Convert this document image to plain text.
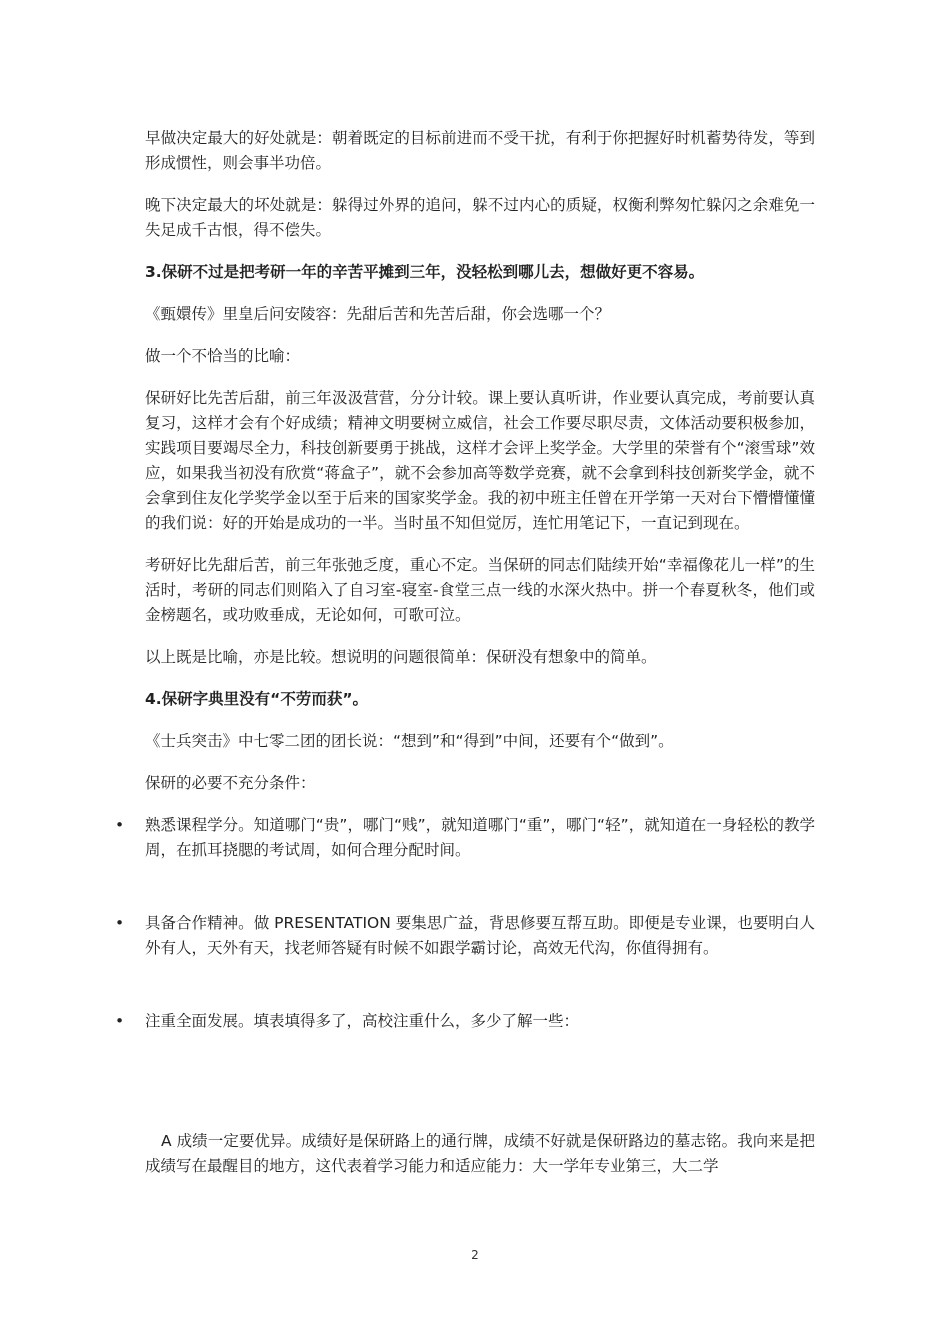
早做决定最大的好处就是：朝着既定的目标前进而不受干扰，有利于你把握好时机蓄势待发，等到形成惯性，则会事半功倍。

晚下决定最大的坏处就是：躲得过外界的追问，躲不过内心的质疑，权衡利弊匆忙躲闪之余难免一失足成千古恨，得不偿失。

3.保研不过是把考研一年的辛苦平摊到三年，没轻松到哪儿去，想做好更不容易。

《甄嬛传》里皇后问安陵容：先甜后苦和先苦后甜，你会选哪一个？

做一个不恰当的比喻：

保研好比先苦后甜，前三年汲汲营营，分分计较。课上要认真听讲，作业要认真完成，考前要认真复习，这样才会有个好成绩；精神文明要树立威信，社会工作要尽职尽责，文体活动要积极参加，实践项目要竭尽全力，科技创新要勇于挑战，这样才会评上奖学金。大学里的荣誉有个“滚雪球”效应，如果我当初没有欣赏“蒋盒子”，就不会参加高等数学竞赛，就不会拿到科技创新奖学金，就不会拿到住友化学奖学金以至于后来的国家奖学金。我的初中班主任曾在开学第一天对台下懵懵懂懂的我们说：好的开始是成功的一半。当时虽不知但觉厉，连忙用笔记下，一直记到现在。

考研好比先甜后苦，前三年张弛乏度，重心不定。当保研的同志们陆续开始“幸福像花儿一样”的生活时，考研的同志们则陷入了自习室-寝室-食堂三点一线的水深火热中。拼一个春夏秋冬，他们或金榜题名，或功败垂成，无论如何，可歌可泣。

以上既是比喻，亦是比较。想说明的问题很简单：保研没有想象中的简单。

4.保研字典里没有“不劳而获”。

《士兵突击》中七零二团的团长说：“想到”和“得到”中间，还要有个“做到”。

保研的必要不充分条件：

• 熟悉课程学分。知道哪门“贵”，哪门“贱”，就知道哪门“重”，哪门“轻”，就知道在一身轻松的教学周，在抓耳挠腮的考试周，如何合理分配时间。
• 具备合作精神。做 PRESENTATION 要集思广益，背思修要互帮互助。即便是专业课，也要明白人外有人，天外有天，找老师答疑有时候不如跟学霸讨论，高效无代沟，你值得拥有。
• 注重全面发展。填表填得多了，高校注重什么，多少了解一些：

A 成绩一定要优异。成绩好是保研路上的通行牌，成绩不好就是保研路边的墓志铭。我向来是把成绩写在最醒目的地方，这代表着学习能力和适应能力：大一学年专业第三，大二学

2
